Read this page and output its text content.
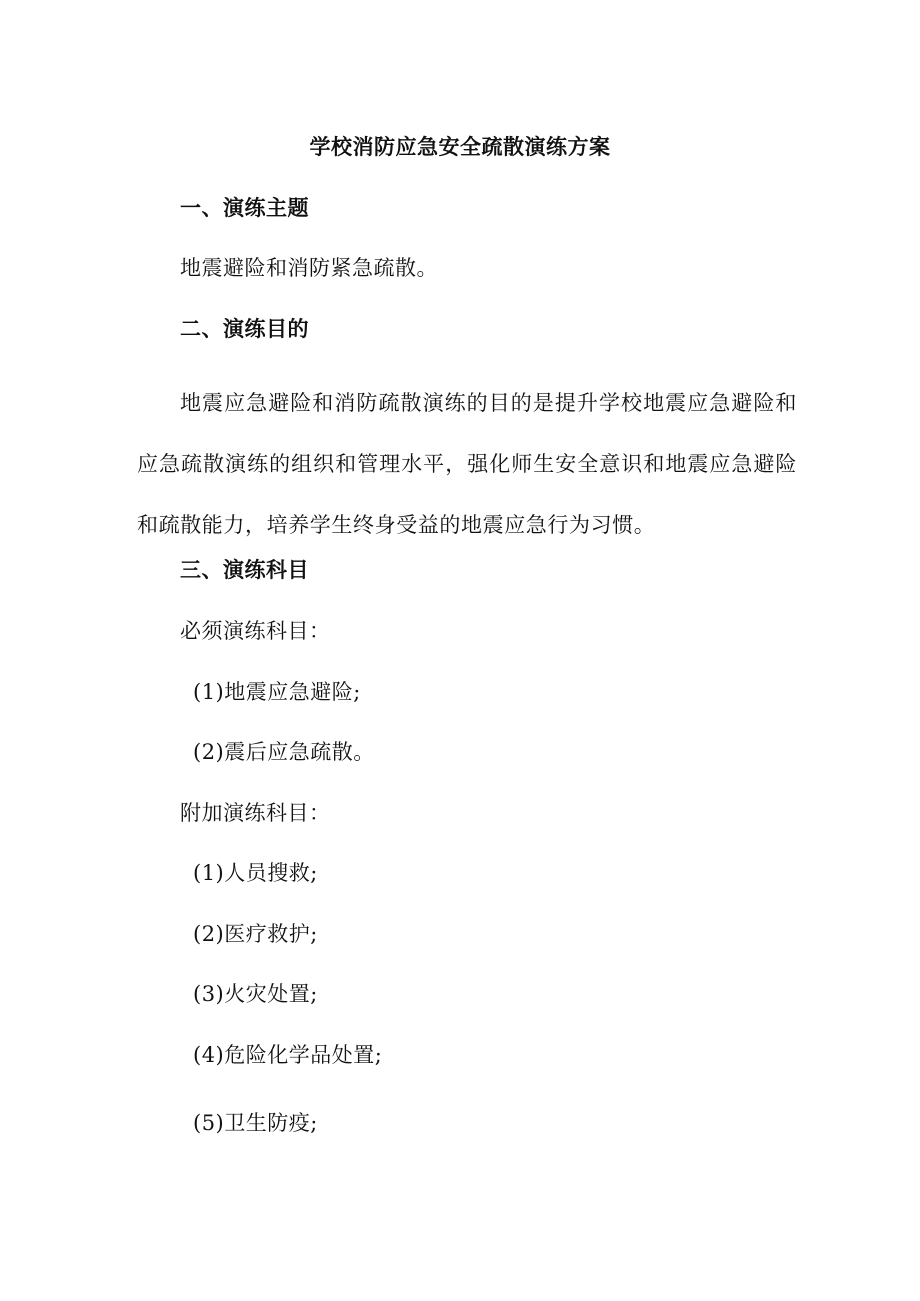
学校消防应急安全疏散演练方案
一、演练主题
地震避险和消防紧急疏散。
二、演练目的
地震应急避险和消防疏散演练的目的是提升学校地震应急避险和应急疏散演练的组织和管理水平，强化师生安全意识和地震应急避险和疏散能力，培养学生终身受益的地震应急行为习惯。
三、演练科目
必须演练科目：
(1)地震应急避险;
(2)震后应急疏散。
附加演练科目：
(1)人员搜救;
(2)医疗救护;
(3)火灾处置;
(4)危险化学品处置;
(5)卫生防疫;
